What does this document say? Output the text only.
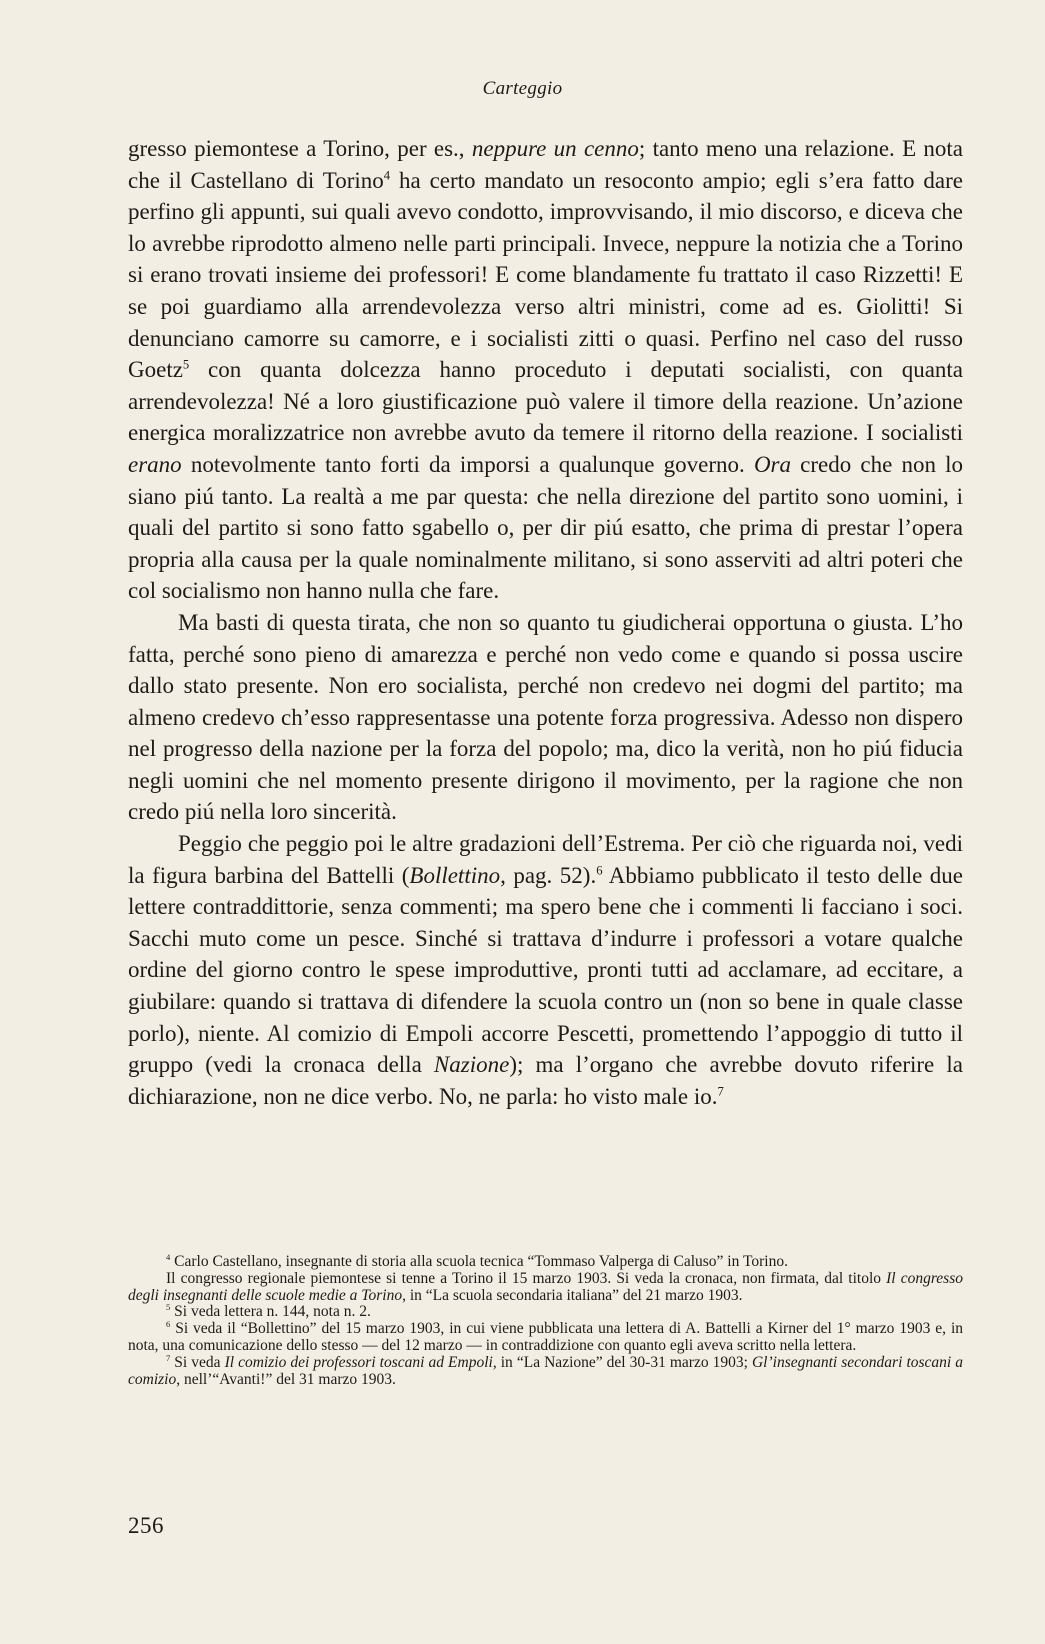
Carteggio

gresso piemontese a Torino, per es., neppure un cenno; tanto meno una relazione. E nota che il Castellano di Torino$^4$ ha certo mandato un resoconto ampio; egli s’era fatto dare perfino gli appunti, sui quali avevo condotto, improvvisando, il mio discorso, e diceva che lo avrebbe riprodotto almeno nelle parti principali. Invece, neppure la notizia che a Torino si erano trovati insieme dei professori! E come blandamente fu trattato il caso Rizzetti! E se poi guardiamo alla arrendevolezza verso altri ministri, come ad es. Giolitti! Si denunciano camorre su camorre, e i socialisti zitti o quasi. Perfino nel caso del russo Goetz$^5$ con quanta dolcezza hanno proceduto i deputati socialisti, con quanta arrendevolezza! Né a loro giustificazione può valere il timore della reazione. Un’azione energica moralizzatrice non avrebbe avuto da temere il ritorno della reazione. I socialisti erano notevolmente tanto forti da imporsi a qualunque governo. Ora credo che non lo siano piú tanto. La realtà a me par questa: che nella direzione del partito sono uomini, i quali del partito si sono fatto sgabello o, per dir piú esatto, che prima di prestar l’opera propria alla causa per la quale nominalmente militano, si sono asserviti ad altri poteri che col socialismo non hanno nulla che fare.

Ma basti di questa tirata, che non so quanto tu giudicherai opportuna o giusta. L’ho fatta, perché sono pieno di amarezza e perché non vedo come e quando si possa uscire dallo stato presente. Non ero socialista, perché non credevo nei dogmi del partito; ma almeno credevo ch’esso rappresentasse una potente forza progressiva. Adesso non dispero nel progresso della nazione per la forza del popolo; ma, dico la verità, non ho piú fiducia negli uomini che nel momento presente dirigono il movimento, per la ragione che non credo piú nella loro sincerità.

Peggio che peggio poi le altre gradazioni dell’Estrema. Per ciò che riguarda noi, vedi la figura barbina del Battelli (Bollettino, pag. 52).$^6$ Abbiamo pubblicato il testo delle due lettere contraddittorie, senza commenti; ma spero bene che i commenti li facciano i soci. Sacchi muto come un pesce. Sinché si trattava d’indurre i professori a votare qualche ordine del giorno contro le spese improduttive, pronti tutti ad acclamare, ad eccitare, a giubilare: quando si trattava di difendere la scuola contro un (non so bene in quale classe porlo), niente. Al comizio di Empoli accorre Pescetti, promettendo l’appoggio di tutto il gruppo (vedi la cronaca della Nazione); ma l’organo che avrebbe dovuto riferire la dichiarazione, non ne dice verbo. No, ne parla: ho visto male io.$^7$

$^4$ Carlo Castellano, insegnante di storia alla scuola tecnica “Tommaso Valperga di Caluso” in Torino.

Il congresso regionale piemontese si tenne a Torino il 15 marzo 1903. Si veda la cronaca, non firmata, dal titolo Il congresso degli insegnanti delle scuole medie a Torino, in “La scuola secondaria italiana” del 21 marzo 1903.

$^5$ Si veda lettera n. 144, nota n. 2.

$^6$ Si veda il “Bollettino” del 15 marzo 1903, in cui viene pubblicata una lettera di A. Battelli a Kirner del 1° marzo 1903 e, in nota, una comunicazione dello stesso — del 12 marzo — in contraddizione con quanto egli aveva scritto nella lettera.

$^7$ Si veda Il comizio dei professori toscani ad Empoli, in “La Nazione” del 30-31 marzo 1903; Gl’insegnanti secondari toscani a comizio, nell’“Avanti!” del 31 marzo 1903.

256
